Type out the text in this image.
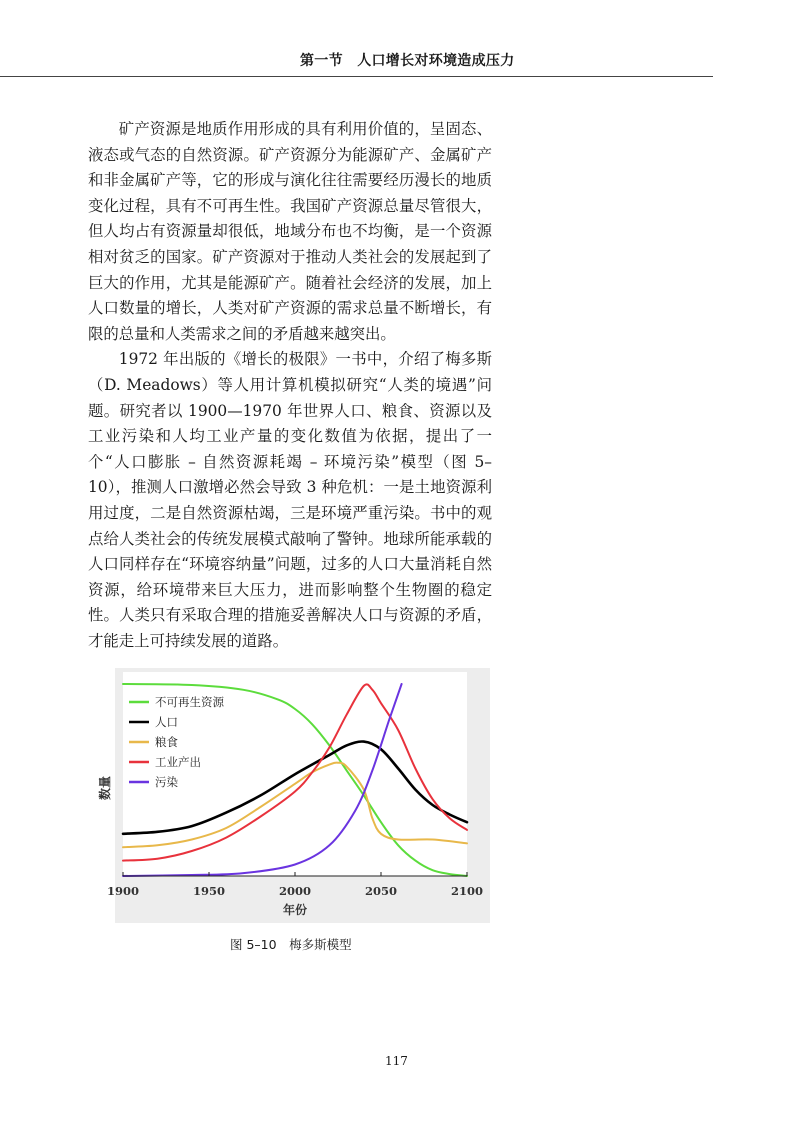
第一节　人口增长对环境造成压力

矿产资源是地质作用形成的具有利用价值的，呈固态、液态或气态的自然资源。矿产资源分为能源矿产、金属矿产和非金属矿产等，它的形成与演化往往需要经历漫长的地质变化过程，具有不可再生性。我国矿产资源总量尽管很大，但人均占有资源量却很低，地域分布也不均衡，是一个资源相对贫乏的国家。矿产资源对于推动人类社会的发展起到了巨大的作用，尤其是能源矿产。随着社会经济的发展，加上人口数量的增长，人类对矿产资源的需求总量不断增长，有限的总量和人类需求之间的矛盾越来越突出。

1972 年出版的《增长的极限》一书中，介绍了梅多斯（D. Meadows）等人用计算机模拟研究“人类的境遇”问题。研究者以 1900—1970 年世界人口、粮食、资源以及工业污染和人均工业产量的变化数值为依据，提出了一个“人口膨胀 – 自然资源耗竭 – 环境污染”模型（图 5–10），推测人口激增必然会导致 3 种危机：一是土地资源利用过度，二是自然资源枯竭，三是环境严重污染。书中的观点给人类社会的传统发展模式敲响了警钟。地球所能承载的人口同样存在“环境容纳量”问题，过多的人口大量消耗自然资源，给环境带来巨大压力，进而影响整个生物圈的稳定性。人类只有采取合理的措施妥善解决人口与资源的矛盾，才能走上可持续发展的道路。

1900	1950	2000	2050	2100
年份
数量
不可再生资源
人口
粮食
工业产出
污染
图 5–10　梅多斯模型
117
